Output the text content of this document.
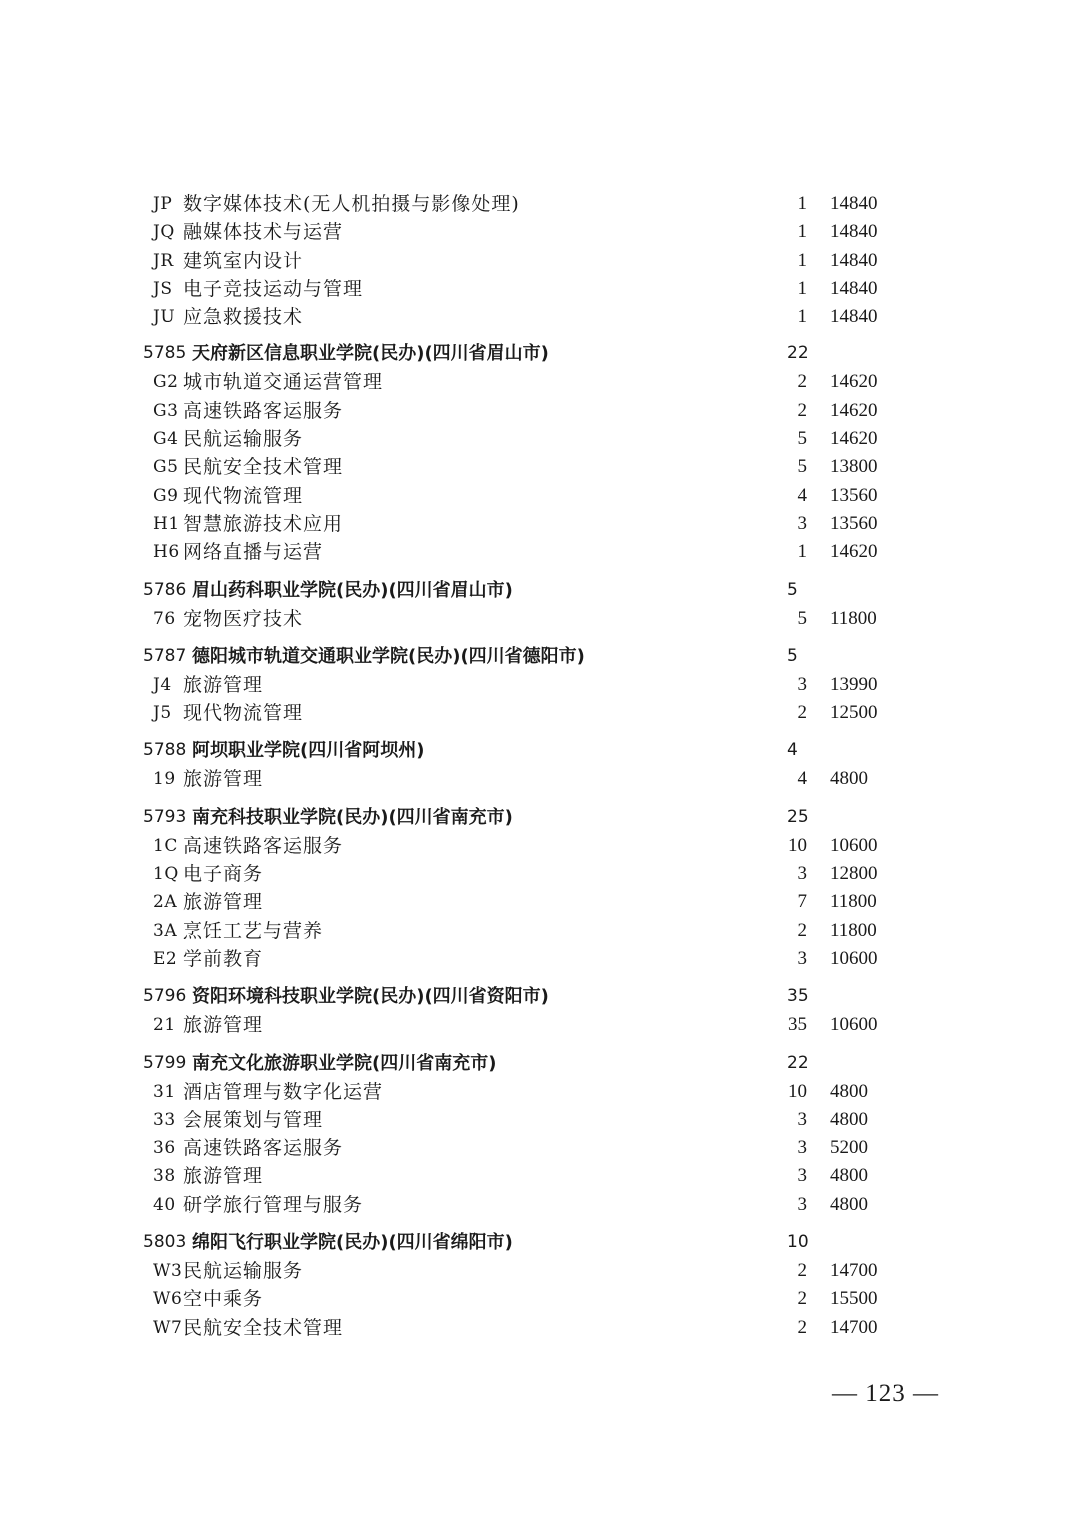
JP 数字媒体技术(无人机拍摄与影像处理)	1 14840
JQ 融媒体技术与运营	1 14840
JR 建筑室内设计	1 14840
JS 电子竞技运动与管理	1 14840
JU 应急救援技术	1 14840
5785 天府新区信息职业学院(民办)(四川省眉山市)	22
G2 城市轨道交通运营管理	2 14620
G3 高速铁路客运服务	2 14620
G4 民航运输服务	5 14620
G5 民航安全技术管理	5 13800
G9 现代物流管理	4 13560
H1 智慧旅游技术应用	3 13560
H6 网络直播与运营	1 14620
5786 眉山药科职业学院(民办)(四川省眉山市)	5
76 宠物医疗技术	5 11800
5787 德阳城市轨道交通职业学院(民办)(四川省德阳市)	5
J4 旅游管理	3 13990
J5 现代物流管理	2 12500
5788 阿坝职业学院(四川省阿坝州)	4
19 旅游管理	4 4800
5793 南充科技职业学院(民办)(四川省南充市)	25
1C 高速铁路客运服务	10 10600
1Q 电子商务	3 12800
2A 旅游管理	7 11800
3A 烹饪工艺与营养	2 11800
E2 学前教育	3 10600
5796 资阳环境科技职业学院(民办)(四川省资阳市)	35
21 旅游管理	35 10600
5799 南充文化旅游职业学院(四川省南充市)	22
31 酒店管理与数字化运营	10 4800
33 会展策划与管理	3 4800
36 高速铁路客运服务	3 5200
38 旅游管理	3 4800
40 研学旅行管理与服务	3 4800
5803 绵阳飞行职业学院(民办)(四川省绵阳市)	10
W3 民航运输服务	2 14700
W6 空中乘务	2 15500
W7 民航安全技术管理	2 14700
— 123 —
